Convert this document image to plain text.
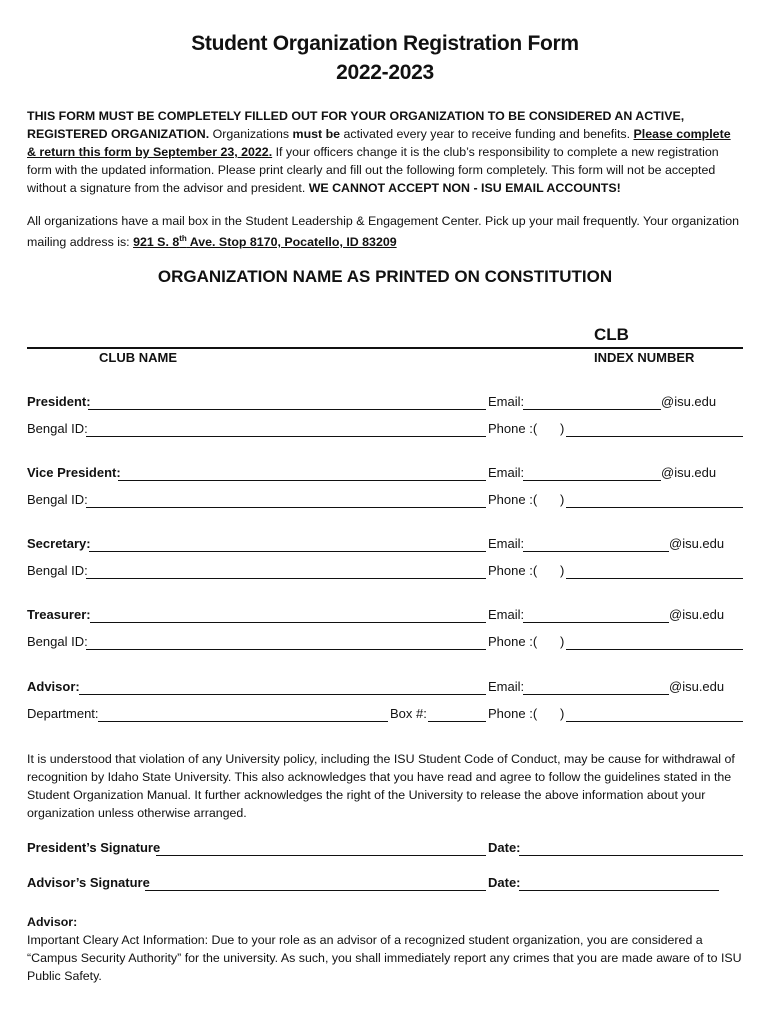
Student Organization Registration Form
2022-2023
THIS FORM MUST BE COMPLETELY FILLED OUT FOR YOUR ORGANIZATION TO BE CONSIDERED AN ACTIVE,
REGISTERED ORGANIZATION. Organizations must be activated every year to receive funding and benefits. Please complete
& return this form by September 23, 2022. If your officers change it is the club’s responsibility to complete a new registration
form with the updated information. Please print clearly and fill out the following form completely. This form will not be accepted
without a signature from the advisor and president. WE CANNOT ACCEPT NON - ISU EMAIL ACCOUNTS!
All organizations have a mail box in the Student Leadership & Engagement Center. Pick up your mail frequently. Your organization
mailing address is: 921 S. 8th Ave. Stop 8170, Pocatello, ID 83209
ORGANIZATION NAME AS PRINTED ON CONSTITUTION
CLB
CLUB NAME	INDEX NUMBER
President:	Email:	@isu.edu
Bengal ID:	Phone :( )
Vice President:	Email:	@isu.edu
Bengal ID:	Phone :( )
Secretary:	Email:	@isu.edu
Bengal ID:	Phone :( )
Treasurer:	Email:	@isu.edu
Bengal ID:	Phone :( )
Advisor:	Email:	@isu.edu
Department:	Box #:	Phone :( )
It is understood that violation of any University policy, including the ISU Student Code of Conduct, may be cause for withdrawal of
recognition by Idaho State University. This also acknowledges that you have read and agree to follow the guidelines stated in the
Student Organization Manual. It further acknowledges the right of the University to release the above information about your
organization unless otherwise arranged.
President’s Signature	Date:
Advisor’s Signature	Date:
Advisor:
Important Cleary Act Information: Due to your role as an advisor of a recognized student organization, you are considered a
“Campus Security Authority” for the university. As such, you shall immediately report any crimes that you are made aware of to ISU
Public Safety.
